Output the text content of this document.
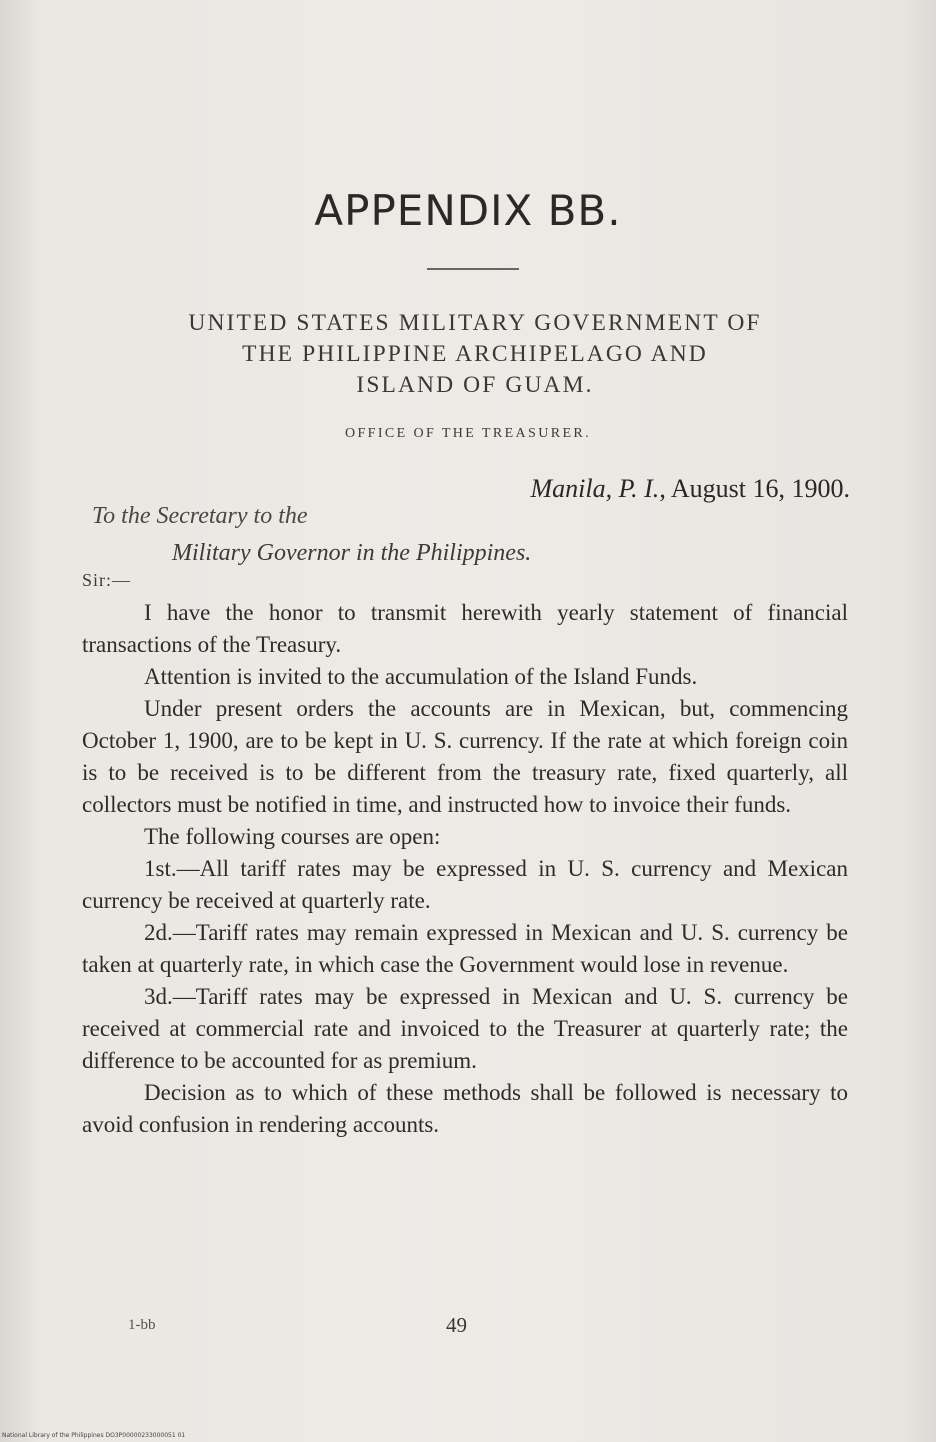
APPENDIX BB.
UNITED STATES MILITARY GOVERNMENT OF
THE PHILIPPINE ARCHIPELAGO AND
ISLAND OF GUAM.
OFFICE OF THE TREASURER.
Manila, P. I., August 16, 1900.
To the Secretary to the
Military Governor in the Philippines.
Sir:—

I have the honor to transmit herewith yearly statement of financial transactions of the Treasury.

Attention is invited to the accumulation of the Island Funds.

Under present orders the accounts are in Mexican, but, commencing October 1, 1900, are to be kept in U. S. currency. If the rate at which foreign coin is to be received is to be different from the treasury rate, fixed quarterly, all collectors must be notified in time, and instructed how to invoice their funds.

The following courses are open:

1st.—All tariff rates may be expressed in U. S. currency and Mexican currency be received at quarterly rate.

2d.—Tariff rates may remain expressed in Mexican and U. S. currency be taken at quarterly rate, in which case the Government would lose in revenue.

3d.—Tariff rates may be expressed in Mexican and U. S. currency be received at commercial rate and invoiced to the Treasurer at quarterly rate; the difference to be accounted for as premium.

Decision as to which of these methods shall be followed is necessary to avoid confusion in rendering accounts.

1-bb	49
National Library of the Philippines DO3P00000233000051 01
